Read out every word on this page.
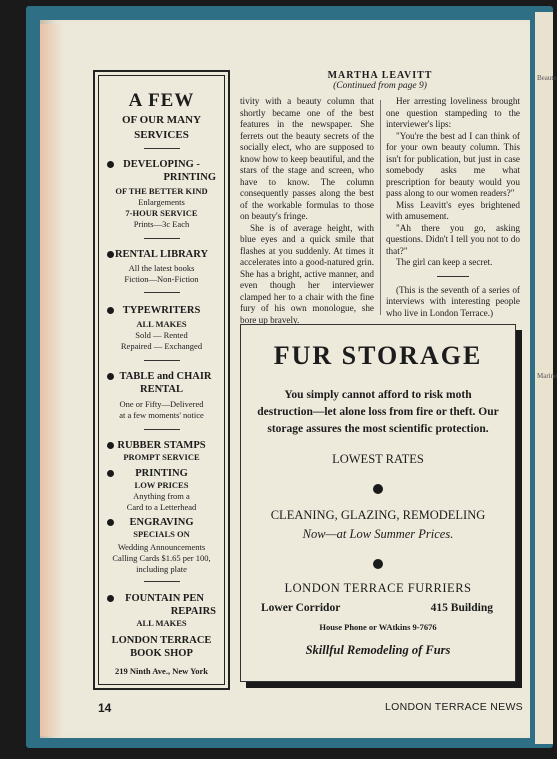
Beaute
Marine
A FEW
OF OUR MANY
SERVICES
DEVELOPING -
PRINTING
OF THE BETTER KIND
Enlargements
7-HOUR SERVICE
Prints—3c Each
RENTAL LIBRARY
All the latest books
Fiction—Non-Fiction
TYPEWRITERS
ALL MAKES
Sold — Rented
Repaired — Exchanged
TABLE and CHAIR
RENTAL
One or Fifty—Delivered
at a few moments' notice
RUBBER STAMPS
PROMPT SERVICE
PRINTING
LOW PRICES
Anything from a
Card to a Letterhead
ENGRAVING
SPECIALS ON
Wedding Announcements
Calling Cards $1.65 per 100,
including plate
FOUNTAIN PEN
REPAIRS
ALL MAKES
LONDON TERRACE
BOOK SHOP
219 Ninth Ave., New York
MARTHA LEAVITT
(Continued from page 9)

tivity with a beauty column that shortly became one of the best features in the newspaper. She ferrets out the beauty secrets of the socially elect, who are supposed to know how to keep beautiful, and the stars of the stage and screen, who have to know. The column consequently passes along the best of the workable formulas to those on beauty's fringe.

She is of average height, with blue eyes and a quick smile that flashes at you suddenly. At times it accelerates into a good-natured grin. She has a bright, active manner, and even though her interviewer clamped her to a chair with the fine fury of his own monologue, she bore up bravely.

Her arresting loveliness brought one question stampeding to the interviewer's lips:

"You're the best ad I can think of for your own beauty column. This isn't for publication, but just in case somebody asks me what prescription for beauty would you pass along to our women readers?"

Miss Leavitt's eyes brightened with amusement.

"Ah there you go, asking questions. Didn't I tell you not to do that?"

The girl can keep a secret.

(This is the seventh of a series of interviews with interesting people who live in London Terrace.)

FUR STORAGE
You simply cannot afford to risk moth destruction—let alone loss from fire or theft. Our storage assures the most scientific protection.
LOWEST RATES
CLEANING, GLAZING, REMODELING
Now—at Low Summer Prices.
LONDON TERRACE FURRIERS
Lower Corridor	415 Building
House Phone or WAtkins 9-7676
Skillful Remodeling of Furs
14	LONDON TERRACE NEWS
